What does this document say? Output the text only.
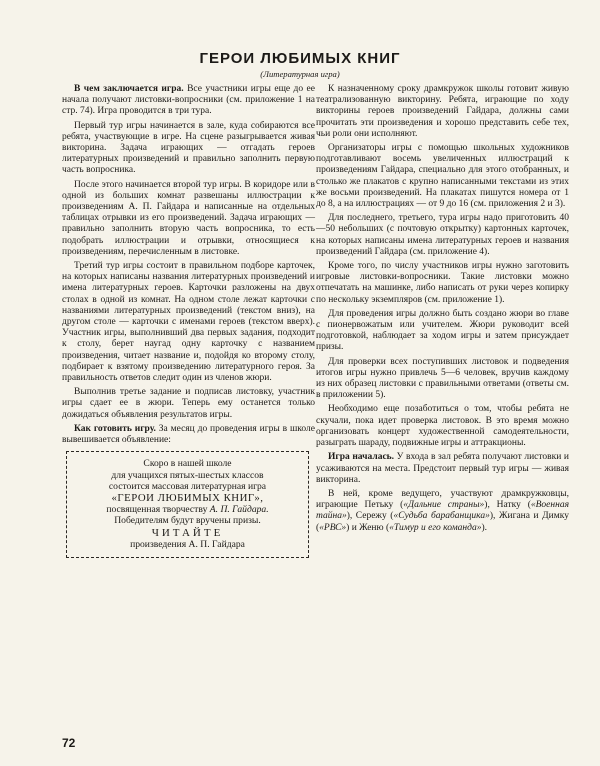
ГЕРОИ ЛЮБИМЫХ КНИГ
(Литературная игра)

В чем заключается игра. Все участники игры еще до ее начала получают листовки-вопросники (см. приложение 1 на стр. 74). Игра проводится в три тура.

Первый тур игры начинается в зале, куда собираются все ребята, участвующие в игре. На сцене разыгрывается живая викторина. Задача играющих — отгадать героев литературных произведений и правильно заполнить первую часть вопросника.

После этого начинается второй тур игры. В коридоре или в одной из больших комнат развешаны иллюстрации к произведениям А. П. Гайдара и написанные на отдельных таблицах отрывки из его произведений. Задача играющих — правильно заполнить вторую часть вопросника, то есть подобрать иллюстрации и отрывки, относящиеся к произведениям, перечисленным в листовке.

Третий тур игры состоит в правильном подборе карточек, на которых написаны названия литературных произведений и имена литературных героев. Карточки разложены на двух столах в одной из комнат. На одном столе лежат карточки с названиями литературных произведений (текстом вниз), на другом столе — карточки с именами героев (текстом вверх). Участник игры, выполнивший два первых задания, подходит к столу, берет наугад одну карточку с названием произведения, читает название и, подойдя ко второму столу, подбирает к взятому произведению литературного героя. За правильность ответов следит один из членов жюри.

Выполнив третье задание и подписав листовку, участник игры сдает ее в жюри. Теперь ему останется только дожидаться объявления результатов игры.

Как готовить игру. За месяц до проведения игры в школе вывешивается объявление:

Скоро в нашей школе
для учащихся пятых-шестых классов
состоится массовая литературная игра
«ГЕРОИ ЛЮБИМЫХ КНИГ»,
посвященная творчеству А. П. Гайдара.
Победителям будут вручены призы.
ЧИТАЙТЕ
произведения А. П. Гайдара

К назначенному сроку драмкружок школы готовит живую театрализованную викторину. Ребята, играющие по ходу викторины героев произведений Гайдара, должны сами прочитать эти произведения и хорошо представить себе тех, чьи роли они исполняют.

Организаторы игры с помощью школьных художников подготавливают восемь увеличенных иллюстраций к произведениям Гайдара, специально для этого отобранных, и столько же плакатов с крупно написанными текстами из этих же восьми произведений. На плакатах пишутся номера от 1 до 8, а на иллюстрациях — от 9 до 16 (см. приложения 2 и 3).

Для последнего, третьего, тура игры надо приготовить 40—50 небольших (с почтовую открытку) картонных карточек, на которых написаны имена литературных героев и названия произведений Гайдара (см. приложение 4).

Кроме того, по числу участников игры нужно заготовить игровые листовки-вопросники. Такие листовки можно отпечатать на машинке, либо написать от руки через копирку по нескольку экземпляров (см. приложение 1).

Для проведения игры должно быть создано жюри во главе с пионервожатым или учителем. Жюри руководит всей подготовкой, наблюдает за ходом игры и затем присуждает призы.

Для проверки всех поступивших листовок и подведения итогов игры нужно привлечь 5—6 человек, вручив каждому из них образец листовки с правильными ответами (ответы см. в приложении 5).

Необходимо еще позаботиться о том, чтобы ребята не скучали, пока идет проверка листовок. В это время можно организовать концерт художественной самодеятельности, разыграть шараду, подвижные игры и аттракционы.

Игра началась. У входа в зал ребята получают листовки и усаживаются на места. Предстоит первый тур игры — живая викторина.

В ней, кроме ведущего, участвуют драмкружковцы, играющие Петьку («Дальние страны»), Натку («Военная тайна»), Сережу («Судьба барабанщика»), Жигана и Димку («РВС») и Женю («Тимур и его команда»).

72
